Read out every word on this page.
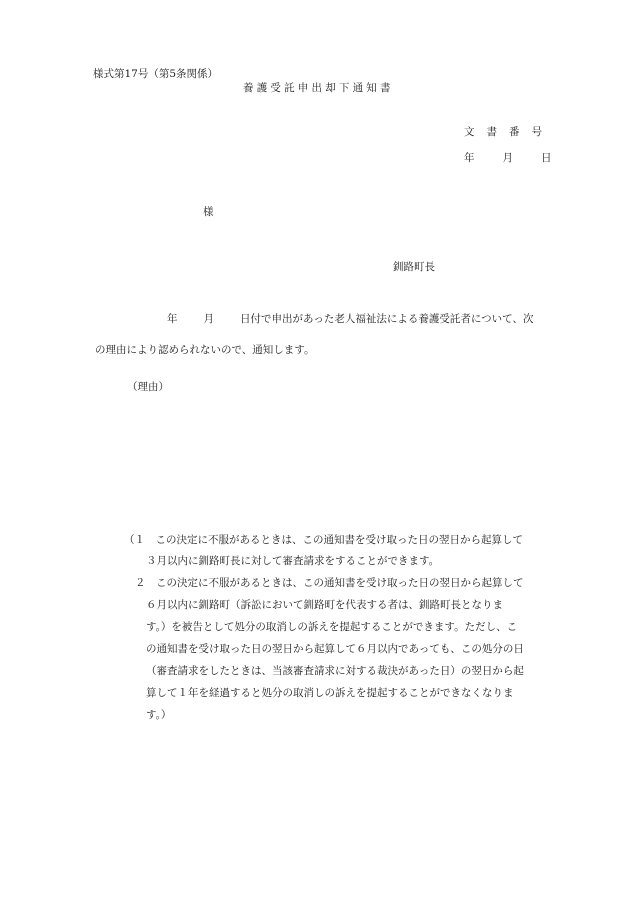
様式第17号（第5条関係）
養護受託申出却下通知書
文 書 番 号
年	月	日
様
釧路町長
年 月 日付で申出があった老人福祉法による養護受託者について、次
の理由により認められないので、通知します。
（理由）
（１　この決定に不服があるときは、この通知書を受け取った日の翌日から起算して
３月以内に釧路町長に対して審査請求をすることができます。
２　この決定に不服があるときは、この通知書を受け取った日の翌日から起算して
６月以内に釧路町（訴訟において釧路町を代表する者は、釧路町長となりま
す。）を被告として処分の取消しの訴えを提起することができます。ただし、こ
の通知書を受け取った日の翌日から起算して６月以内であっても、この処分の日
（審査請求をしたときは、当該審査請求に対する裁決があった日）の翌日から起
算して１年を経過すると処分の取消しの訴えを提起することができなくなりま
す。）
